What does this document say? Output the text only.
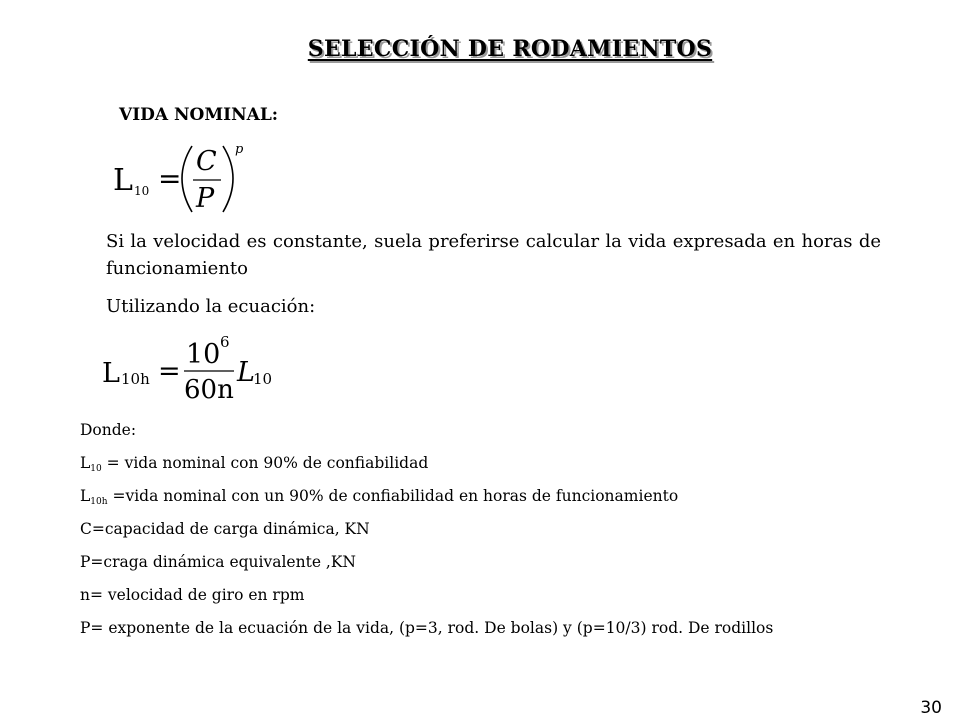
SELECCIÓN DE RODAMIENTOS
VIDA NOMINAL:
L 10 =
C
P
p
Si la velocidad es constante, suela preferirse calcular la vida expresada en horas de funcionamiento
Utilizando la ecuación:
L 10h =
10 6
60n
L
10
Donde:
$L_{10}$ = vida nominal con 90% de confiabilidad
$L_{10h}$ =vida nominal con un 90% de confiabilidad en horas de funcionamiento
C=capacidad de carga dinámica, KN
P=craga dinámica equivalente ,KN
n= velocidad de giro en rpm
P= exponente de la ecuación de la vida, (p=3, rod. De bolas) y (p=10/3) rod. De rodillos
30
